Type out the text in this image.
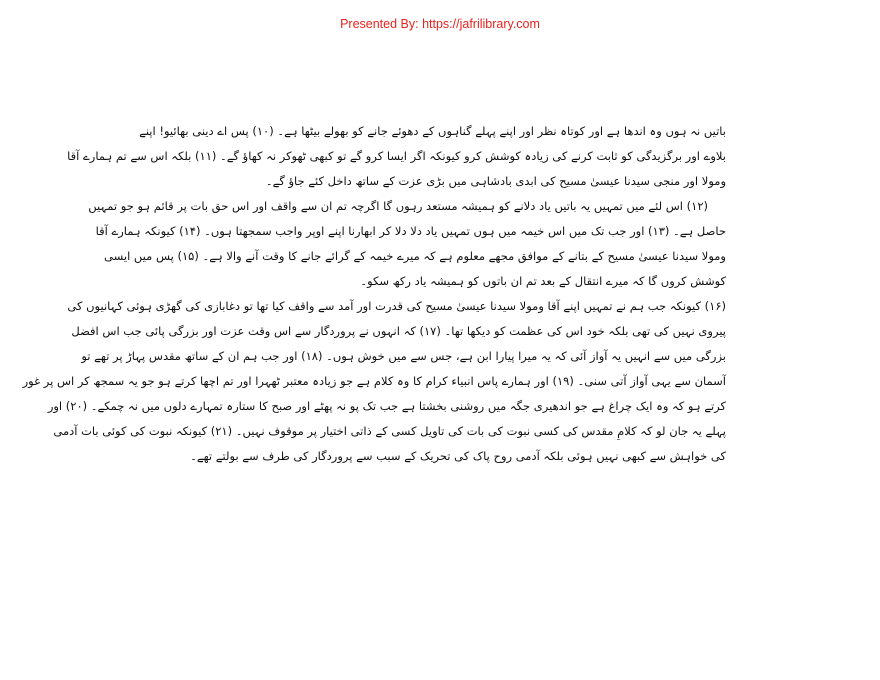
Presented By: https://jafrilibrary.com
باتیں نہ ہوں وہ اندھا ہے اور کوتاہ نظر اور اپنے پہلے گناہوں کے دھوئے جانے کو بھولے بیٹھا ہے۔ (۱۰) پس اے دینی بھائیو! اپنے
بلاوے اور برگزیدگی کو ثابت کرنے کی زیادہ کوشش کرو کیونکہ اگر ایسا کرو گے تو کبھی ٹھوکر نہ کھاؤ گے۔ (۱۱) بلکہ اس سے تم ہمارے آقا
ومولا اور منجی سیدنا عیسیٰ مسیح کی ابدی بادشاہی میں بڑی عزت کے ساتھ داخل کئے جاؤ گے۔
(۱۲) اس لئے میں تمہیں یہ باتیں یاد دلانے کو ہمیشہ مستعد رہوں گا اگرچہ تم ان سے واقف اور اس حق بات پر قائم ہو جو تمہیں
حاصل ہے۔ (۱۳) اور جب تک میں اس خیمہ میں ہوں تمہیں یاد دلا دلا کر ابھارنا اپنے اوپر واجب سمجھتا ہوں۔ (۱۴) کیونکہ ہمارے آقا
ومولا سیدنا عیسیٰ مسیح کے بتانے کے موافق مجھے معلوم ہے کہ میرے خیمہ کے گرائے جانے کا وقت آنے والا ہے۔ (۱۵) پس میں ایسی
کوشش کروں گا کہ میرے انتقال کے بعد تم ان باتوں کو ہمیشہ یاد رکھ سکو۔
(۱۶) کیونکہ جب ہم نے تمہیں اپنے آقا ومولا سیدنا عیسیٰ مسیح کی قدرت اور آمد سے واقف کیا تھا تو دغابازی کی گھڑی ہوئی کہانیوں کی
پیروی نہیں کی تھی بلکہ خود اس کی عظمت کو دیکھا تھا۔ (۱۷) کہ انہوں نے پروردگار سے اس وقت عزت اور بزرگی پائی جب اس افضل
بزرگی میں سے انہیں یہ آواز آئی کہ یہ میرا پیارا ابن ہے، جس سے میں خوش ہوں۔ (۱۸) اور جب ہم ان کے ساتھ مقدس پہاڑ پر تھے تو
آسمان سے یہی آواز آتی سنی۔ (۱۹) اور ہمارے پاس انبیاء کرام کا وہ کلام ہے جو زیادہ معتبر ٹھہرا اور تم اچھا کرتے ہو جو یہ سمجھ کر اس پر غور
کرتے ہو کہ وہ ایک چراغ ہے جو اندھیری جگہ میں روشنی بخشتا ہے جب تک پو نہ پھٹے اور صبح کا ستارہ تمہارے دلوں میں نہ چمکے۔ (۲۰) اور
پہلے یہ جان لو کہ کلامِ مقدس کی کسی نبوت کی بات کی تاویل کسی کے ذاتی اختیار پر موقوف نہیں۔ (۲۱) کیونکہ نبوت کی کوئی بات آدمی
کی خواہش سے کبھی نہیں ہوئی بلکہ آدمی روح پاک کی تحریک کے سبب سے پروردگار کی طرف سے بولتے تھے۔
